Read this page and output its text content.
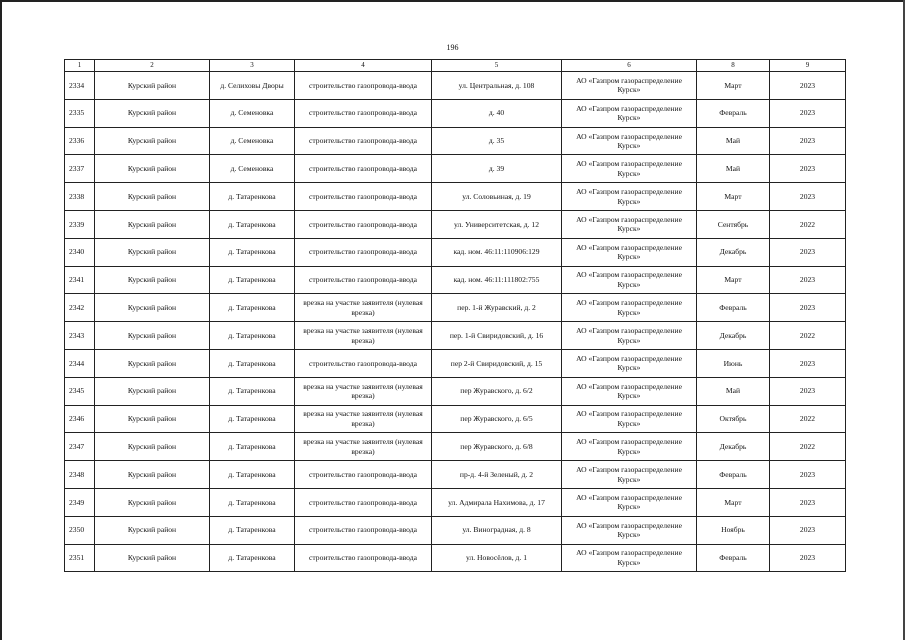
196
1	2	3	4	5	6	8	9
2334	Курский район	д. Селиховы Дворы	строительство газопровода-ввода	ул. Центральная, д. 108	АО «Газпром газораспределение Курск»	Март	2023
2335	Курский район	д. Семеновка	строительство газопровода-ввода	д. 40	АО «Газпром газораспределение Курск»	Февраль	2023
2336	Курский район	д. Семеновка	строительство газопровода-ввода	д. 35	АО «Газпром газораспределение Курск»	Май	2023
2337	Курский район	д. Семеновка	строительство газопровода-ввода	д. 39	АО «Газпром газораспределение Курск»	Май	2023
2338	Курский район	д. Татаренкова	строительство газопровода-ввода	ул. Соловьиная, д. 19	АО «Газпром газораспределение Курск»	Март	2023
2339	Курский район	д. Татаренкова	строительство газопровода-ввода	ул. Университетская, д. 12	АО «Газпром газораспределение Курск»	Сентябрь	2022
2340	Курский район	д. Татаренкова	строительство газопровода-ввода	кад. ном. 46:11:110906:129	АО «Газпром газораспределение Курск»	Декабрь	2023
2341	Курский район	д. Татаренкова	строительство газопровода-ввода	кад. ном. 46:11:111802:755	АО «Газпром газораспределение Курск»	Март	2023
2342	Курский район	д. Татаренкова	врезка на участке заявителя (нулевая врезка)	пер. 1-й Журавский, д. 2	АО «Газпром газораспределение Курск»	Февраль	2023
2343	Курский район	д. Татаренкова	врезка на участке заявителя (нулевая врезка)	пер. 1-й Свиридовский, д. 16	АО «Газпром газораспределение Курск»	Декабрь	2022
2344	Курский район	д. Татаренкова	строительство газопровода-ввода	пер 2-й Свиридовский, д. 15	АО «Газпром газораспределение Курск»	Июнь	2023
2345	Курский район	д. Татаренкова	врезка на участке заявителя (нулевая врезка)	пер Журавского, д. 6/2	АО «Газпром газораспределение Курск»	Май	2023
2346	Курский район	д. Татаренкова	врезка на участке заявителя (нулевая врезка)	пер Журавского, д. 6/5	АО «Газпром газораспределение Курск»	Октябрь	2022
2347	Курский район	д. Татаренкова	врезка на участке заявителя (нулевая врезка)	пер Журавского, д. 6/8	АО «Газпром газораспределение Курск»	Декабрь	2022
2348	Курский район	д. Татаренкова	строительство газопровода-ввода	пр-д. 4-й Зеленый, д. 2	АО «Газпром газораспределение Курск»	Февраль	2023
2349	Курский район	д. Татаренкова	строительство газопровода-ввода	ул. Адмирала Нахимова, д. 17	АО «Газпром газораспределение Курск»	Март	2023
2350	Курский район	д. Татаренкова	строительство газопровода-ввода	ул. Виноградная, д. 8	АО «Газпром газораспределение Курск»	Ноябрь	2023
2351	Курский район	д. Татаренкова	строительство газопровода-ввода	ул. Новосёлов, д. 1	АО «Газпром газораспределение Курск»	Февраль	2023
